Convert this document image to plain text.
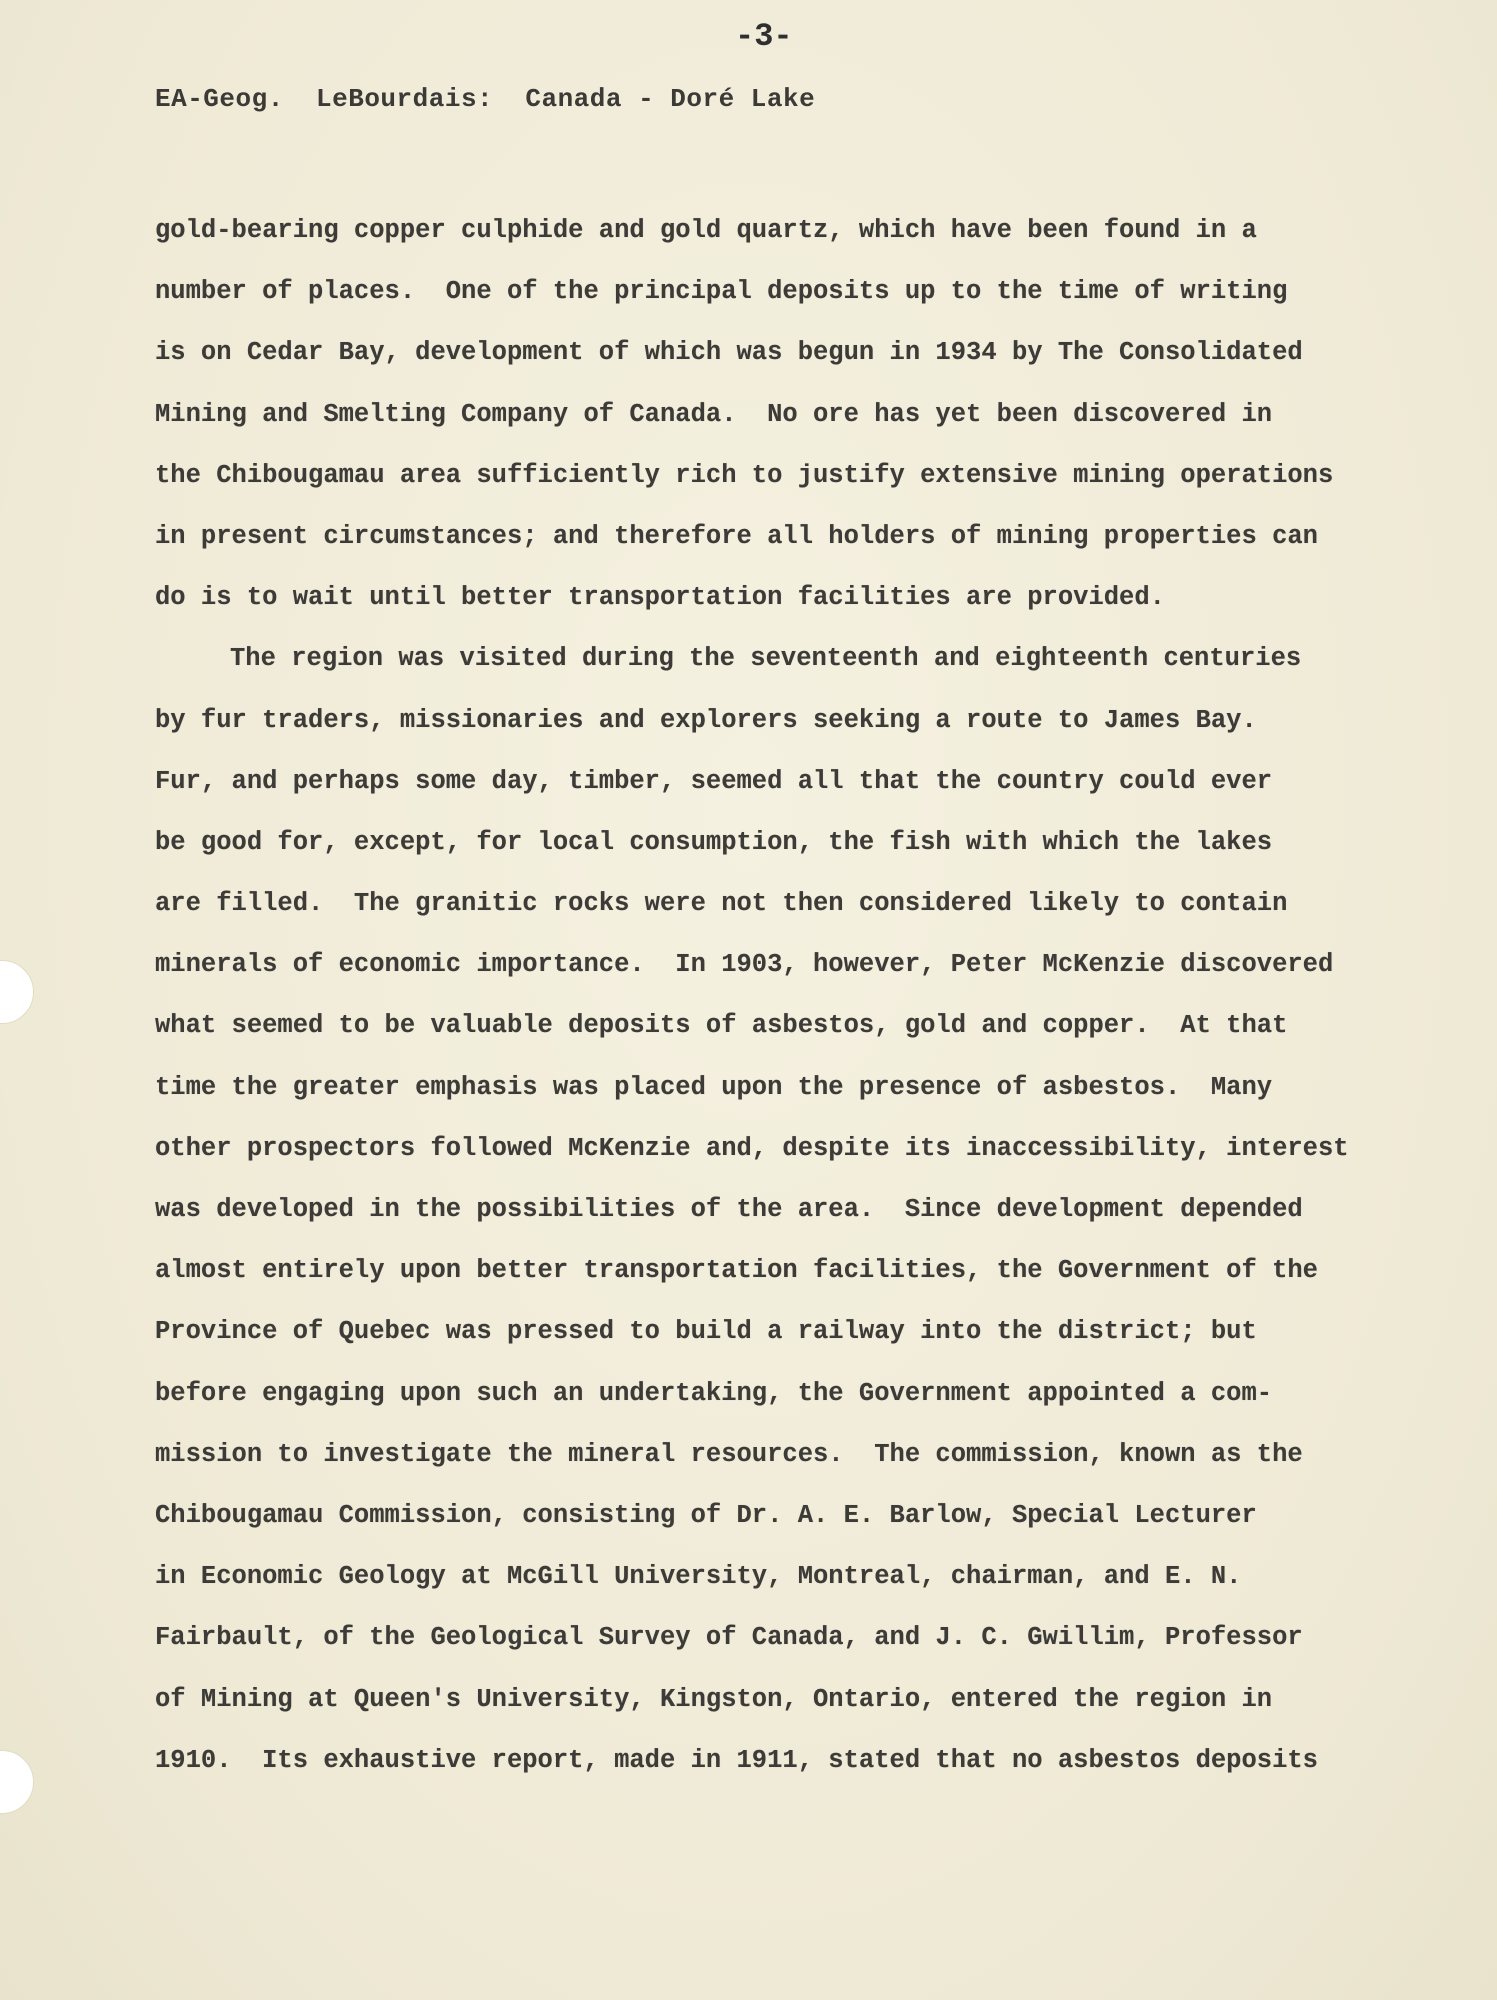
-3-
EA-Geog.  LeBourdais:  Canada - Doré Lake
gold-bearing copper culphide and gold quartz, which have been found in a
number of places.  One of the principal deposits up to the time of writing
is on Cedar Bay, development of which was begun in 1934 by The Consolidated
Mining and Smelting Company of Canada.  No ore has yet been discovered in
the Chibougamau area sufficiently rich to justify extensive mining operations
in present circumstances; and therefore all holders of mining properties can
do is to wait until better transportation facilities are provided.
The region was visited during the seventeenth and eighteenth centuries
by fur traders, missionaries and explorers seeking a route to James Bay.
Fur, and perhaps some day, timber, seemed all that the country could ever
be good for, except, for local consumption, the fish with which the lakes
are filled.  The granitic rocks were not then considered likely to contain
minerals of economic importance.  In 1903, however, Peter McKenzie discovered
what seemed to be valuable deposits of asbestos, gold and copper.  At that
time the greater emphasis was placed upon the presence of asbestos.  Many
other prospectors followed McKenzie and, despite its inaccessibility, interest
was developed in the possibilities of the area.  Since development depended
almost entirely upon better transportation facilities, the Government of the
Province of Quebec was pressed to build a railway into the district; but
before engaging upon such an undertaking, the Government appointed a com-
mission to investigate the mineral resources.  The commission, known as the
Chibougamau Commission, consisting of Dr. A. E. Barlow, Special Lecturer
in Economic Geology at McGill University, Montreal, chairman, and E. N.
Fairbault, of the Geological Survey of Canada, and J. C. Gwillim, Professor
of Mining at Queen's University, Kingston, Ontario, entered the region in
1910.  Its exhaustive report, made in 1911, stated that no asbestos deposits
